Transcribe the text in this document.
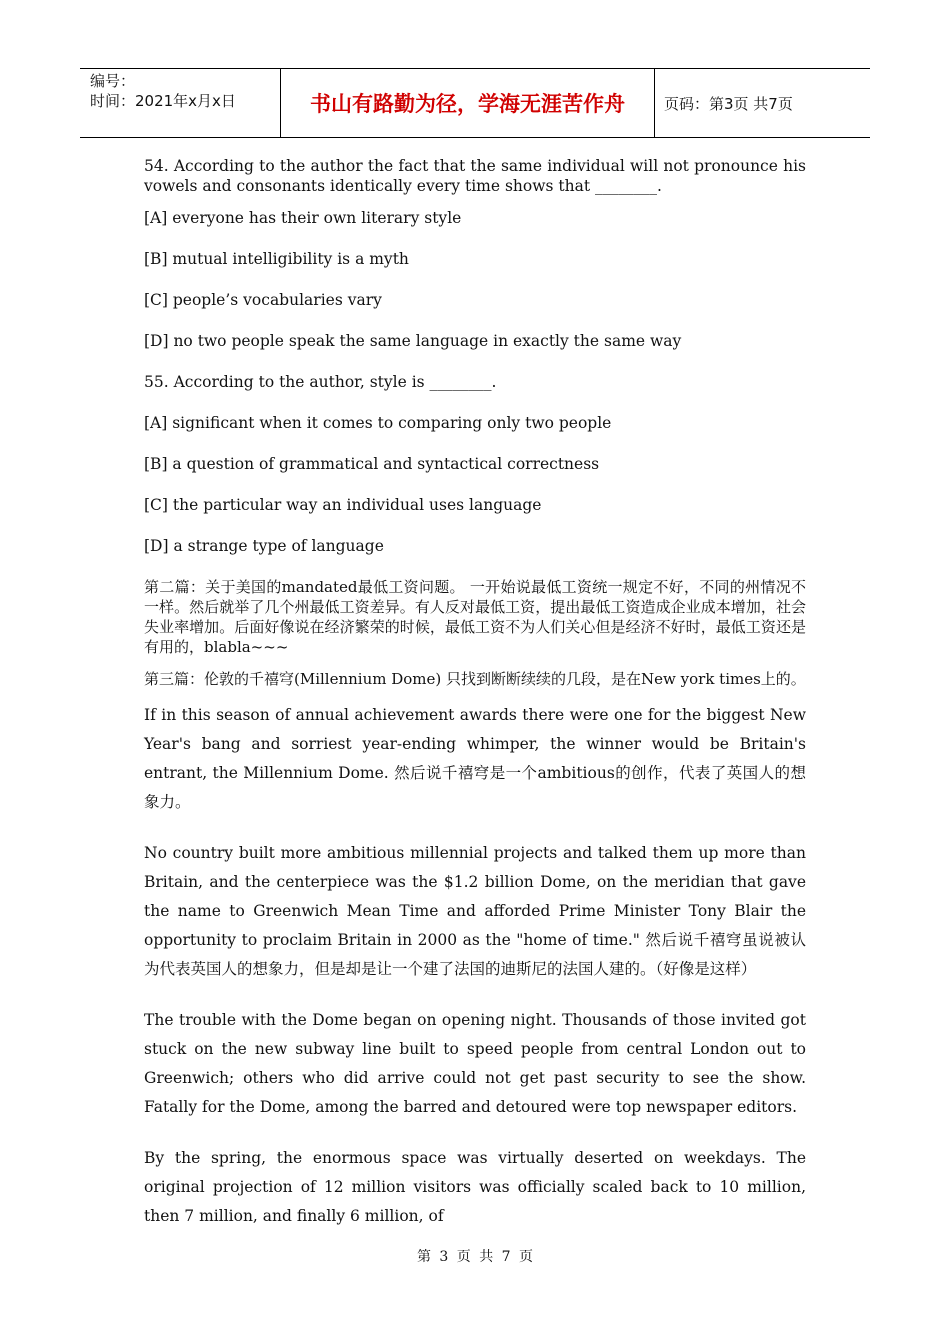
编号：
时间：2021年x月x日	书山有路勤为径，学海无涯苦作舟	页码：第3页 共7页

54. According to the author the fact that the same individual will not pronounce his vowels and consonants identically every time shows that ________.

[A] everyone has their own literary style

[B] mutual intelligibility is a myth

[C] people’s vocabularies vary

[D] no two people speak the same language in exactly the same way

55. According to the author, style is ________.

[A] significant when it comes to comparing only two people

[B] a question of grammatical and syntactical correctness

[C] the particular way an individual uses language

[D] a strange type of language

第二篇：关于美国的mandated最低工资问题。 一开始说最低工资统一规定不好，不同的州情况不一样。然后就举了几个州最低工资差异。有人反对最低工资，提出最低工资造成企业成本增加，社会失业率增加。后面好像说在经济繁荣的时候，最低工资不为人们关心但是经济不好时，最低工资还是有用的，blabla~~~

第三篇：伦敦的千禧穹(Millennium Dome) 只找到断断续续的几段，是在New york times上的。

If in this season of annual achievement awards there were one for the biggest New Year's bang and sorriest year-ending whimper, the winner would be Britain's entrant, the Millennium Dome. 然后说千禧穹是一个ambitious的创作，代表了英国人的想象力。

No country built more ambitious millennial projects and talked them up more than Britain, and the centerpiece was the $1.2 billion Dome, on the meridian that gave the name to Greenwich Mean Time and afforded Prime Minister Tony Blair the opportunity to proclaim Britain in 2000 as the "home of time." 然后说千禧穹虽说被认为代表英国人的想象力，但是却是让一个建了法国的迪斯尼的法国人建的。（好像是这样）

The trouble with the Dome began on opening night. Thousands of those invited got stuck on the new subway line built to speed people from central London out to Greenwich; others who did arrive could not get past security to see the show. Fatally for the Dome, among the barred and detoured were top newspaper editors.

By the spring, the enormous space was virtually deserted on weekdays. The original projection of 12 million visitors was officially scaled back to 10 million, then 7 million, and finally 6 million, of

第 3 页 共 7 页
